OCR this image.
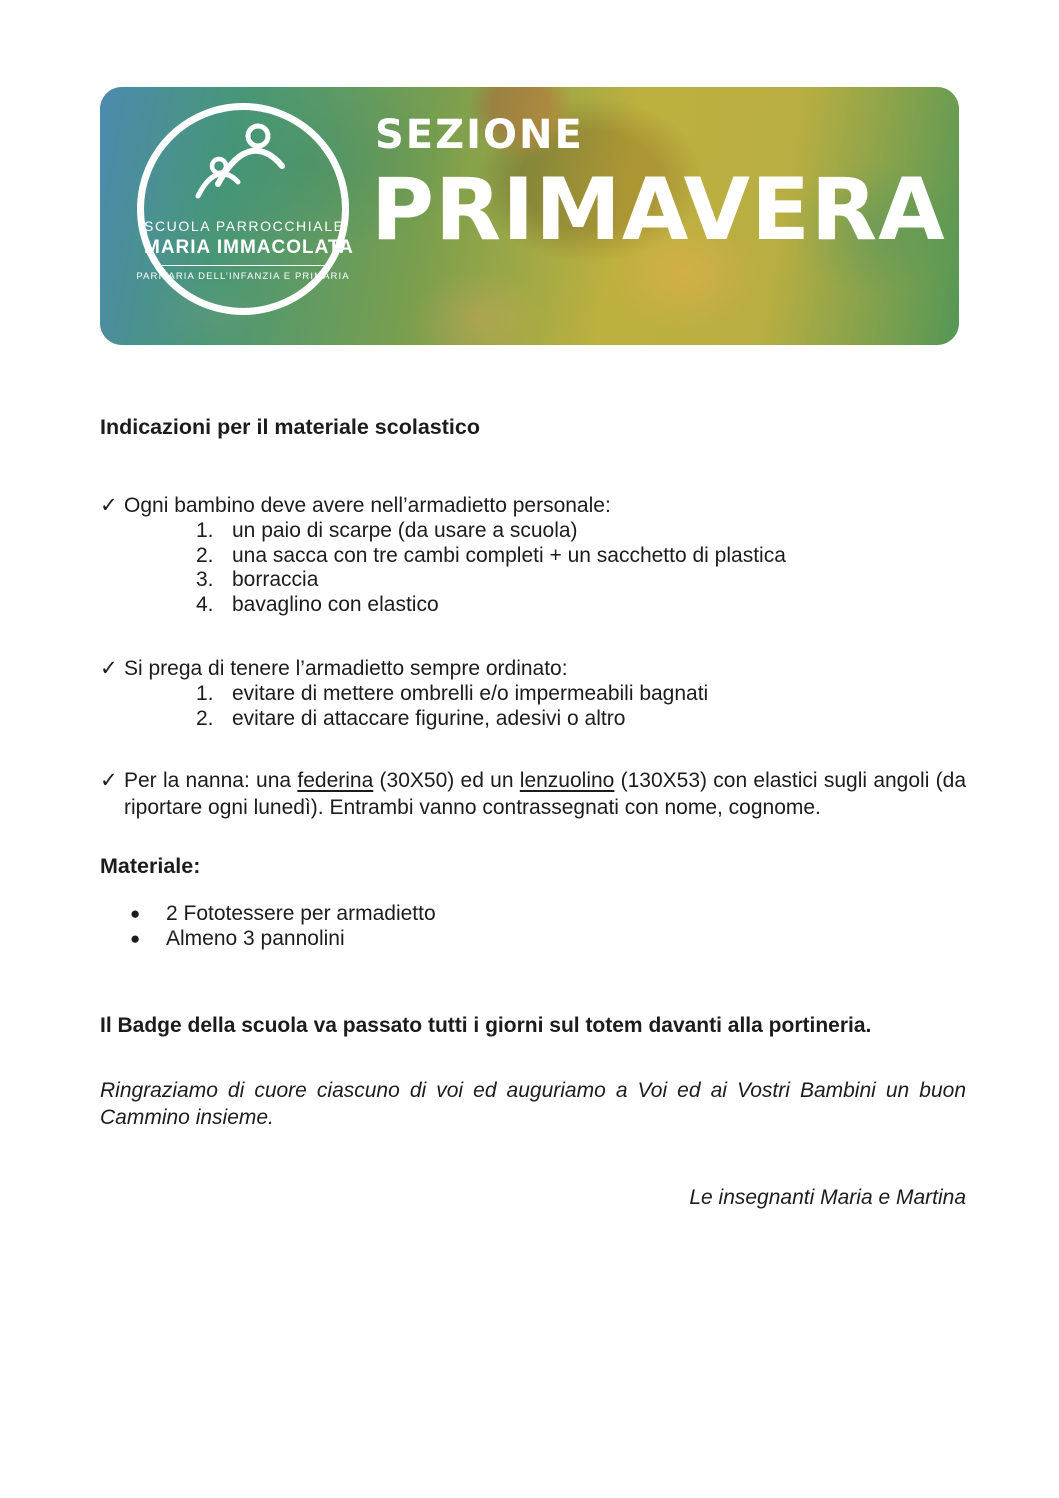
SCUOLA PARROCCHIALE
MARIA IMMACOLATA
PARITARIA DELL’INFANZIA E PRIMARIA
SEZIONE
PRIMAVERA

Indicazioni per il materiale scolastico

✓ Ogni bambino deve avere nell’armadietto personale:
1. un paio di scarpe (da usare a scuola)
2. una sacca con tre cambi completi + un sacchetto di plastica
3. borraccia
4. bavaglino con elastico
✓ Si prega di tenere l’armadietto sempre ordinato:
1. evitare di mettere ombrelli e/o impermeabili bagnati
2. evitare di attaccare figurine, adesivi o altro
✓ Per la nanna: una federina (30X50) ed un lenzuolino (130X53) con elastici sugli angoli (da riportare ogni lunedì). Entrambi vanno contrassegnati con nome, cognome.

Materiale:

●	2 Fototessere per armadietto
●	Almeno 3 pannolini

Il Badge della scuola va passato tutti i giorni sul totem davanti alla portineria.

Ringraziamo di cuore ciascuno di voi ed auguriamo a Voi ed ai Vostri Bambini un buon Cammino insieme.

Le insegnanti Maria e Martina
